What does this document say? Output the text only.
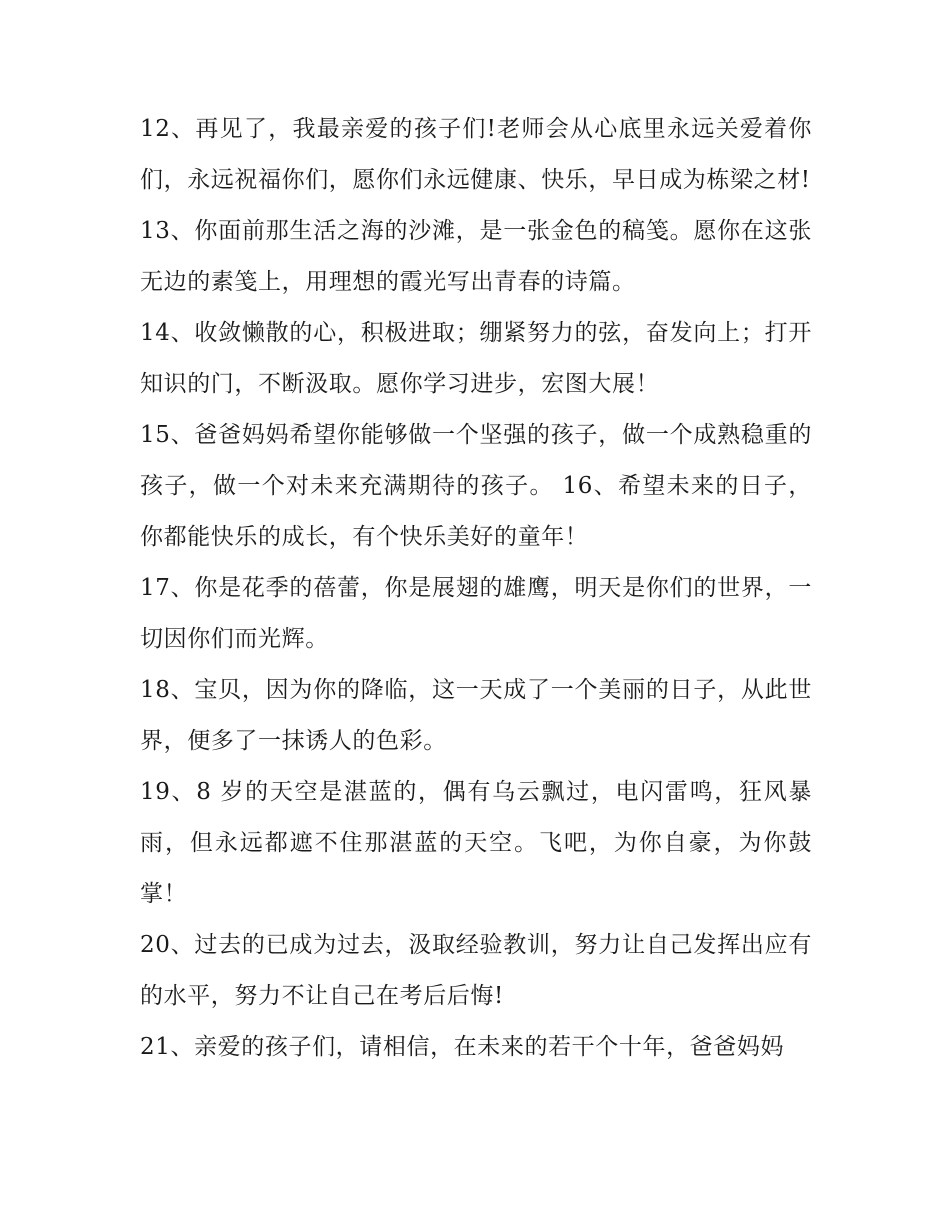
12、再见了，我最亲爱的孩子们!老师会从心底里永远关爱着你们，永远祝福你们，愿你们永远健康、快乐，早日成为栋梁之材!

13、你面前那生活之海的沙滩，是一张金色的稿笺。愿你在这张无边的素笺上，用理想的霞光写出青春的诗篇。

14、收敛懒散的心，积极进取；绷紧努力的弦，奋发向上；打开知识的门，不断汲取。愿你学习进步，宏图大展！

15、爸爸妈妈希望你能够做一个坚强的孩子，做一个成熟稳重的孩子，做一个对未来充满期待的孩子。 16、希望未来的日子，你都能快乐的成长，有个快乐美好的童年！

17、你是花季的蓓蕾，你是展翅的雄鹰，明天是你们的世界，一切因你们而光辉。

18、宝贝，因为你的降临，这一天成了一个美丽的日子，从此世界，便多了一抹诱人的色彩。

19、8 岁的天空是湛蓝的，偶有乌云飘过，电闪雷鸣，狂风暴雨，但永远都遮不住那湛蓝的天空。飞吧，为你自豪，为你鼓掌！

20、过去的已成为过去，汲取经验教训，努力让自己发挥出应有的水平，努力不让自己在考后后悔!

21、亲爱的孩子们，请相信，在未来的若干个十年，爸爸妈妈
